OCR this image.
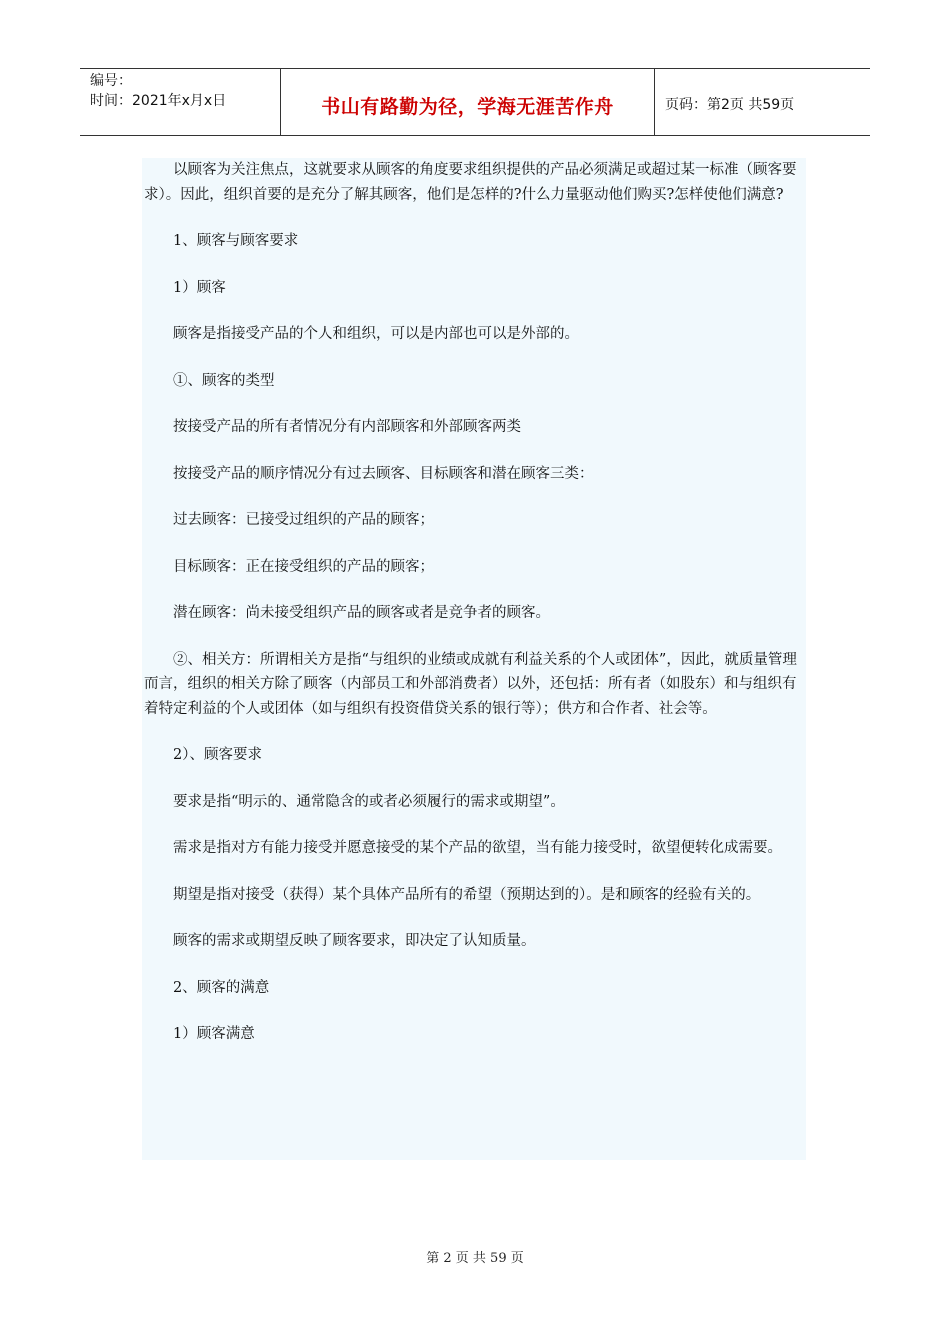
编号：
时间：2021年x月x日	书山有路勤为径，学海无涯苦作舟	页码：第2页 共59页

以顾客为关注焦点，这就要求从顾客的角度要求组织提供的产品必须满足或超过某一标准（顾客要求）。因此，组织首要的是充分了解其顾客，他们是怎样的?什么力量驱动他们购买?怎样使他们满意?

1、顾客与顾客要求

1）顾客

顾客是指接受产品的个人和组织，可以是内部也可以是外部的。

①、顾客的类型

按接受产品的所有者情况分有内部顾客和外部顾客两类

按接受产品的顺序情况分有过去顾客、目标顾客和潜在顾客三类：

过去顾客：已接受过组织的产品的顾客；

目标顾客：正在接受组织的产品的顾客；

潜在顾客：尚未接受组织产品的顾客或者是竞争者的顾客。

②、相关方：所谓相关方是指“与组织的业绩或成就有利益关系的个人或团体”，因此，就质量管理而言，组织的相关方除了顾客（内部员工和外部消费者）以外，还包括：所有者（如股东）和与组织有着特定利益的个人或团体（如与组织有投资借贷关系的银行等）；供方和合作者、社会等。

2）、顾客要求

要求是指“明示的、通常隐含的或者必须履行的需求或期望”。

需求是指对方有能力接受并愿意接受的某个产品的欲望，当有能力接受时，欲望便转化成需要。

期望是指对接受（获得）某个具体产品所有的希望（预期达到的）。是和顾客的经验有关的。

顾客的需求或期望反映了顾客要求，即决定了认知质量。

2、顾客的满意

1）顾客满意

第 2 页 共 59 页
